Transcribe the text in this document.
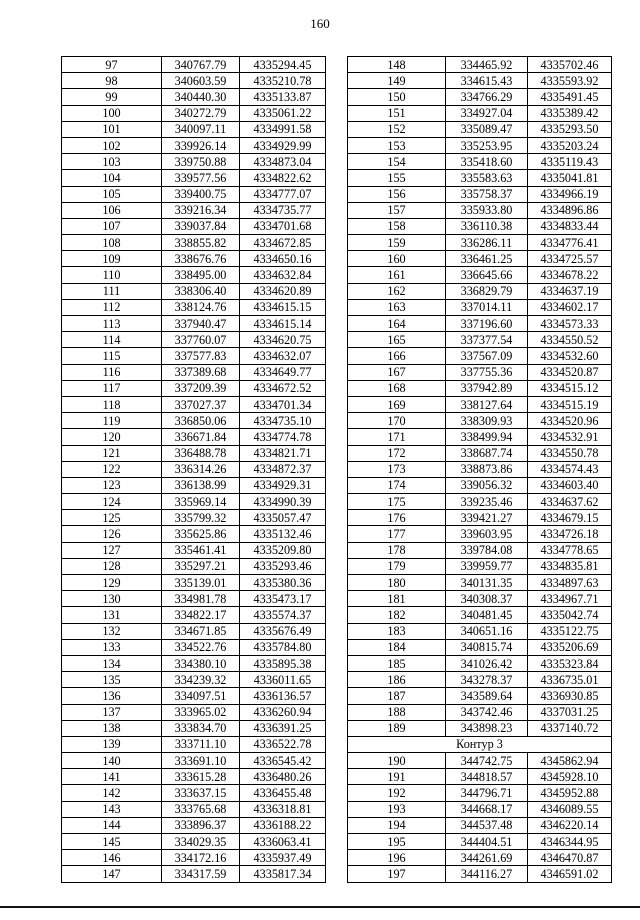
160
97	340767.79	4335294.45
98	340603.59	4335210.78
99	340440.30	4335133.87
100	340272.79	4335061.22
101	340097.11	4334991.58
102	339926.14	4334929.99
103	339750.88	4334873.04
104	339577.56	4334822.62
105	339400.75	4334777.07
106	339216.34	4334735.77
107	339037.84	4334701.68
108	338855.82	4334672.85
109	338676.76	4334650.16
110	338495.00	4334632.84
111	338306.40	4334620.89
112	338124.76	4334615.15
113	337940.47	4334615.14
114	337760.07	4334620.75
115	337577.83	4334632.07
116	337389.68	4334649.77
117	337209.39	4334672.52
118	337027.37	4334701.34
119	336850.06	4334735.10
120	336671.84	4334774.78
121	336488.78	4334821.71
122	336314.26	4334872.37
123	336138.99	4334929.31
124	335969.14	4334990.39
125	335799.32	4335057.47
126	335625.86	4335132.46
127	335461.41	4335209.80
128	335297.21	4335293.46
129	335139.01	4335380.36
130	334981.78	4335473.17
131	334822.17	4335574.37
132	334671.85	4335676.49
133	334522.76	4335784.80
134	334380.10	4335895.38
135	334239.32	4336011.65
136	334097.51	4336136.57
137	333965.02	4336260.94
138	333834.70	4336391.25
139	333711.10	4336522.78
140	333691.10	4336545.42
141	333615.28	4336480.26
142	333637.15	4336455.48
143	333765.68	4336318.81
144	333896.37	4336188.22
145	334029.35	4336063.41
146	334172.16	4335937.49
147	334317.59	4335817.34
148	334465.92	4335702.46
149	334615.43	4335593.92
150	334766.29	4335491.45
151	334927.04	4335389.42
152	335089.47	4335293.50
153	335253.95	4335203.24
154	335418.60	4335119.43
155	335583.63	4335041.81
156	335758.37	4334966.19
157	335933.80	4334896.86
158	336110.38	4334833.44
159	336286.11	4334776.41
160	336461.25	4334725.57
161	336645.66	4334678.22
162	336829.79	4334637.19
163	337014.11	4334602.17
164	337196.60	4334573.33
165	337377.54	4334550.52
166	337567.09	4334532.60
167	337755.36	4334520.87
168	337942.89	4334515.12
169	338127.64	4334515.19
170	338309.93	4334520.96
171	338499.94	4334532.91
172	338687.74	4334550.78
173	338873.86	4334574.43
174	339056.32	4334603.40
175	339235.46	4334637.62
176	339421.27	4334679.15
177	339603.95	4334726.18
178	339784.08	4334778.65
179	339959.77	4334835.81
180	340131.35	4334897.63
181	340308.37	4334967.71
182	340481.45	4335042.74
183	340651.16	4335122.75
184	340815.74	4335206.69
185	341026.42	4335323.84
186	343278.37	4336735.01
187	343589.64	4336930.85
188	343742.46	4337031.25
189	343898.23	4337140.72
Контур 3		
190	344742.75	4345862.94
191	344818.57	4345928.10
192	344796.71	4345952.88
193	344668.17	4346089.55
194	344537.48	4346220.14
195	344404.51	4346344.95
196	344261.69	4346470.87
197	344116.27	4346591.02
